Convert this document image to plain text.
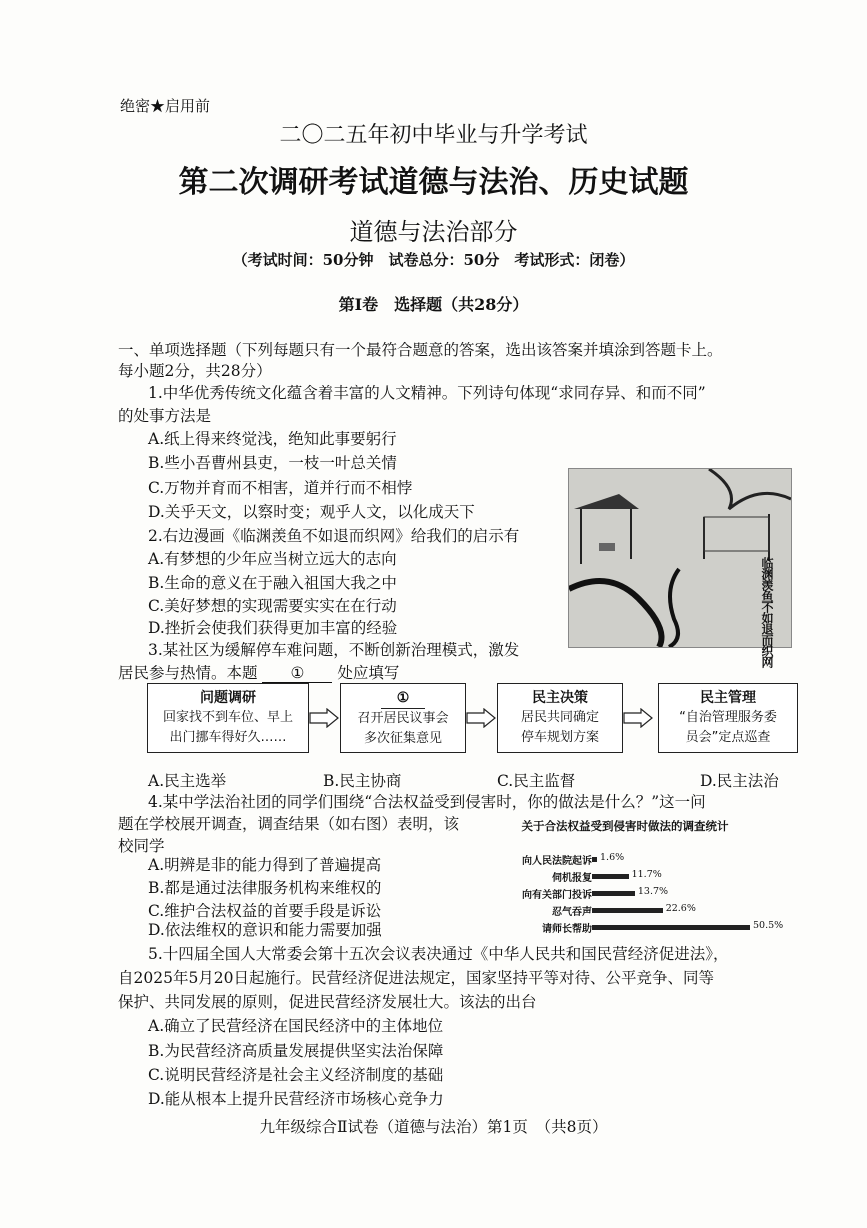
绝密★启用前
二〇二五年初中毕业与升学考试
第二次调研考试道德与法治、历史试题
道德与法治部分
（考试时间：50分钟　试卷总分：50分　考试形式：闭卷）
第Ⅰ卷　选择题（共28分）
一、单项选择题（下列每题只有一个最符合题意的答案，选出该答案并填涂到答题卡上。
每小题2分，共28分）
1.中华优秀传统文化蕴含着丰富的人文精神。下列诗句体现“求同存异、和而不同”
的处事方法是
A.纸上得来终觉浅，绝知此事要躬行
B.些小吾曹州县吏，一枝一叶总关情
C.万物并育而不相害，道并行而不相悖
D.关乎天文，以察时变；观乎人文，以化成天下
2.右边漫画《临渊羡鱼不如退而织网》给我们的启示有
A.有梦想的少年应当树立远大的志向
B.生命的意义在于融入祖国大我之中
C.美好梦想的实现需要实实在在行动
D.挫折会使我们获得更加丰富的经验	临渊羡鱼不如退而织网
3.某社区为缓解停车难问题，不断创新治理模式，激发
居民参与热情。本题 ① 处应填写
问题调研
回家找不到车位、早上
出门挪车得好久……
①
召开居民议事会
多次征集意见
民主决策
居民共同确定
停车规划方案
民主管理
“自治管理服务委
员会”定点巡查
A.民主选举	B.民主协商	C.民主监督	D.民主法治
4.某中学法治社团的同学们围绕“合法权益受到侵害时，你的做法是什么？”这一问
题在学校展开调查，调查结果（如右图）表明，该
校同学
A.明辨是非的能力得到了普遍提高
B.都是通过法律服务机构来维权的
C.维护合法权益的首要手段是诉讼
D.依法维权的意识和能力需要加强
关于合法权益受到侵害时做法的调查统计
向人民法院起诉 1.6%
伺机报复	11.7%
向有关部门投诉	13.7%
忍气吞声	22.6%
请师长帮助	50.5%
5.十四届全国人大常委会第十五次会议表决通过《中华人民共和国民营经济促进法》，
自2025年5月20日起施行。民营经济促进法规定，国家坚持平等对待、公平竞争、同等
保护、共同发展的原则，促进民营经济发展壮大。该法的出台
A.确立了民营经济在国民经济中的主体地位
B.为民营经济高质量发展提供坚实法治保障
C.说明民营经济是社会主义经济制度的基础
D.能从根本上提升民营经济市场核心竞争力
九年级综合Ⅱ试卷（道德与法治）第1页　（共8页）
